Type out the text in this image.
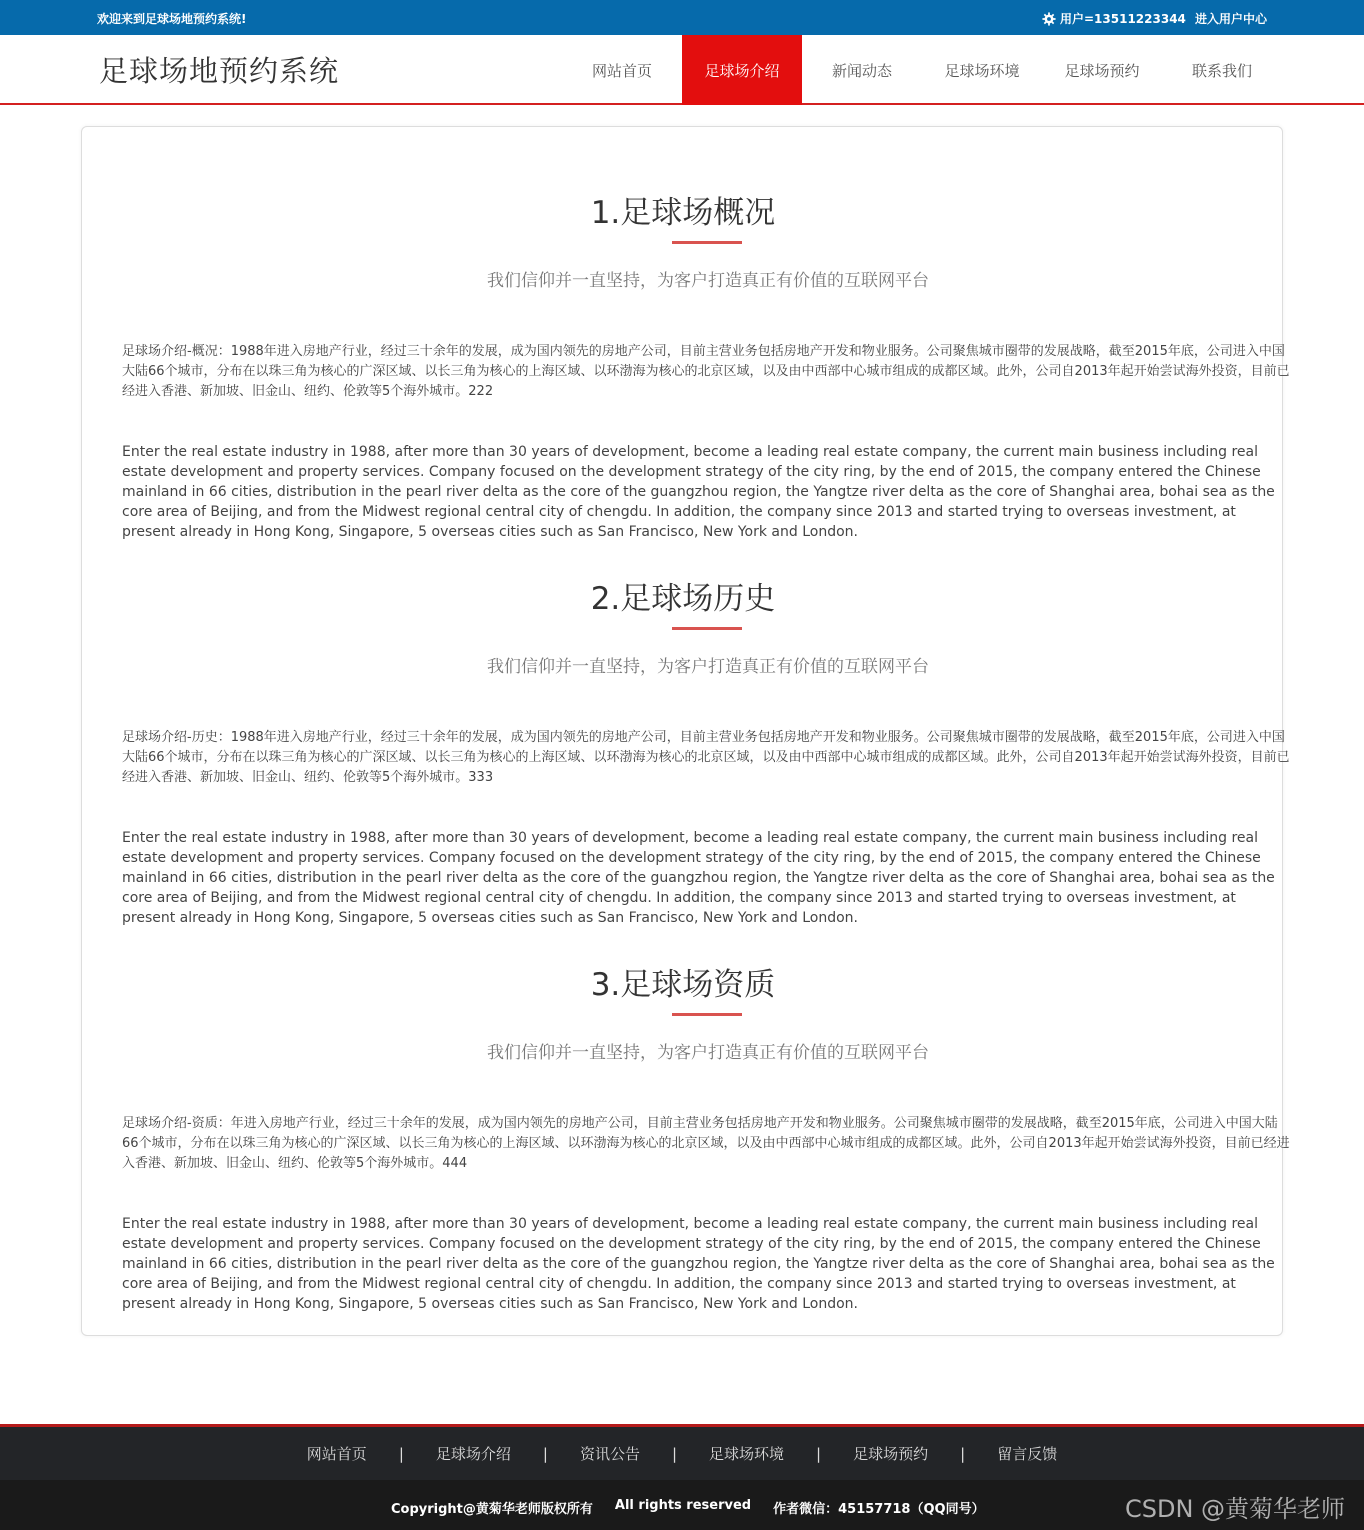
欢迎来到足球场地预约系统!	用户=13511223344 进入用户中心
足球场地预约系统	网站首页	足球场介绍	新闻动态	足球场环境	足球场预约	联系我们
1.足球场概况

我们信仰并一直坚持，为客户打造真正有价值的互联网平台

足球场介绍-概况：1988年进入房地产行业，经过三十余年的发展，成为国内领先的房地产公司，目前主营业务包括房地产开发和物业服务。公司聚焦城市圈带的发展战略，截至2015年底，公司进入中国大陆66个城市，分布在以珠三角为核心的广深区域、以长三角为核心的上海区域、以环渤海为核心的北京区域，以及由中西部中心城市组成的成都区域。此外，公司自2013年起开始尝试海外投资，目前已经进入香港、新加坡、旧金山、纽约、伦敦等5个海外城市。222

Enter the real estate industry in 1988, after more than 30 years of development, become a leading real estate company, the current main business including real estate development and property services. Company focused on the development strategy of the city ring, by the end of 2015, the company entered the Chinese mainland in 66 cities, distribution in the pearl river delta as the core of the guangzhou region, the Yangtze river delta as the core of Shanghai area, bohai sea as the core area of Beijing, and from the Midwest regional central city of chengdu. In addition, the company since 2013 and started trying to overseas investment, at present already in Hong Kong, Singapore, 5 overseas cities such as San Francisco, New York and London.

2.足球场历史

我们信仰并一直坚持，为客户打造真正有价值的互联网平台

足球场介绍-历史：1988年进入房地产行业，经过三十余年的发展，成为国内领先的房地产公司，目前主营业务包括房地产开发和物业服务。公司聚焦城市圈带的发展战略，截至2015年底，公司进入中国大陆66个城市，分布在以珠三角为核心的广深区域、以长三角为核心的上海区域、以环渤海为核心的北京区域，以及由中西部中心城市组成的成都区域。此外，公司自2013年起开始尝试海外投资，目前已经进入香港、新加坡、旧金山、纽约、伦敦等5个海外城市。333

Enter the real estate industry in 1988, after more than 30 years of development, become a leading real estate company, the current main business including real estate development and property services. Company focused on the development strategy of the city ring, by the end of 2015, the company entered the Chinese mainland in 66 cities, distribution in the pearl river delta as the core of the guangzhou region, the Yangtze river delta as the core of Shanghai area, bohai sea as the core area of Beijing, and from the Midwest regional central city of chengdu. In addition, the company since 2013 and started trying to overseas investment, at present already in Hong Kong, Singapore, 5 overseas cities such as San Francisco, New York and London.

3.足球场资质

我们信仰并一直坚持，为客户打造真正有价值的互联网平台

足球场介绍-资质：年进入房地产行业，经过三十余年的发展，成为国内领先的房地产公司，目前主营业务包括房地产开发和物业服务。公司聚焦城市圈带的发展战略，截至2015年底，公司进入中国大陆66个城市，分布在以珠三角为核心的广深区域、以长三角为核心的上海区域、以环渤海为核心的北京区域，以及由中西部中心城市组成的成都区域。此外，公司自2013年起开始尝试海外投资，目前已经进入香港、新加坡、旧金山、纽约、伦敦等5个海外城市。444

Enter the real estate industry in 1988, after more than 30 years of development, become a leading real estate company, the current main business including real estate development and property services. Company focused on the development strategy of the city ring, by the end of 2015, the company entered the Chinese mainland in 66 cities, distribution in the pearl river delta as the core of the guangzhou region, the Yangtze river delta as the core of Shanghai area, bohai sea as the core area of Beijing, and from the Midwest regional central city of chengdu. In addition, the company since 2013 and started trying to overseas investment, at present already in Hong Kong, Singapore, 5 overseas cities such as San Francisco, New York and London.

网站首页 | 足球场介绍 | 资讯公告 | 足球场环境 | 足球场预约 | 留言反馈
Copyright@黄菊华老师版权所有 All rights reserved 作者微信：45157718（QQ同号）	CSDN @黄菊华老师
